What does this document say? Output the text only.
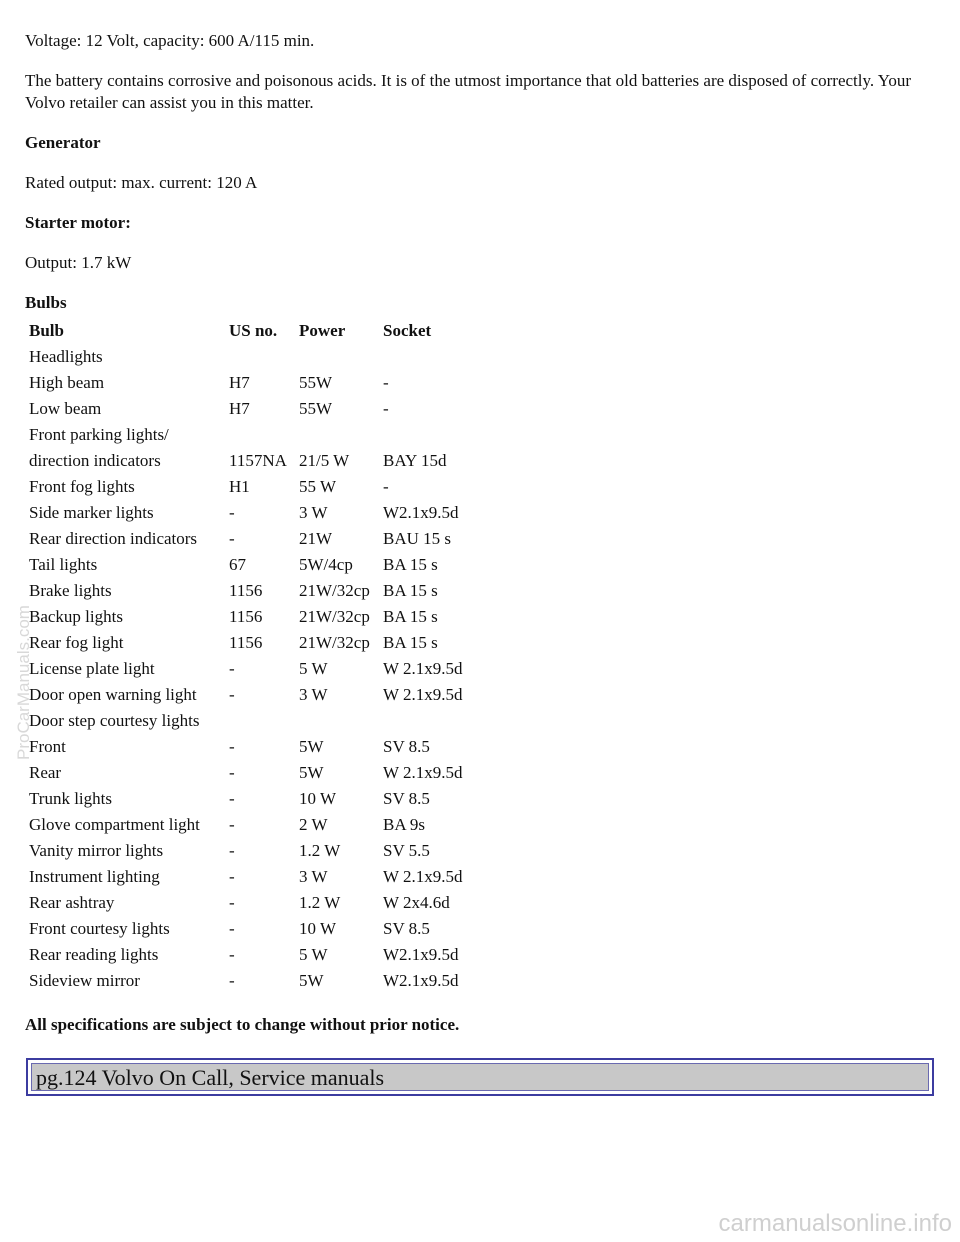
Voltage: 12 Volt, capacity: 600 A/115 min.

The battery contains corrosive and poisonous acids. It is of the utmost importance that old batteries are disposed of correctly. Your Volvo retailer can assist you in this matter.

Generator

Rated output: max. current: 120 A

Starter motor:

Output: 1.7 kW

Bulbs

Bulb	US no.	Power	Socket
Headlights			
High beam	H7	55W	-
Low beam	H7	55W	-
Front parking lights/			
direction indicators	1157NA	21/5 W	BAY 15d
Front fog lights	H1	55 W	-
Side marker lights	-	3 W	W2.1x9.5d
Rear direction indicators	-	21W	BAU 15 s
Tail lights	67	5W/4cp	BA 15 s
Brake lights	1156	21W/32cp	BA 15 s
Backup lights	1156	21W/32cp	BA 15 s
Rear fog light	1156	21W/32cp	BA 15 s
License plate light	-	5 W	W 2.1x9.5d
Door open warning light	-	3 W	W 2.1x9.5d
Door step courtesy lights			
Front	-	5W	SV 8.5
Rear	-	5W	W 2.1x9.5d
Trunk lights	-	10 W	SV 8.5
Glove compartment light	-	2 W	BA 9s
Vanity mirror lights	-	1.2 W	SV 5.5
Instrument lighting	-	3 W	W 2.1x9.5d
Rear ashtray	-	1.2 W	W 2x4.6d
Front courtesy lights	-	10 W	SV 8.5
Rear reading lights	-	5 W	W2.1x9.5d
Sideview mirror	-	5W	W2.1x9.5d

All specifications are subject to change without prior notice.

pg.124 Volvo On Call, Service manuals
ProCarManuals.com
carmanualsonline.info
